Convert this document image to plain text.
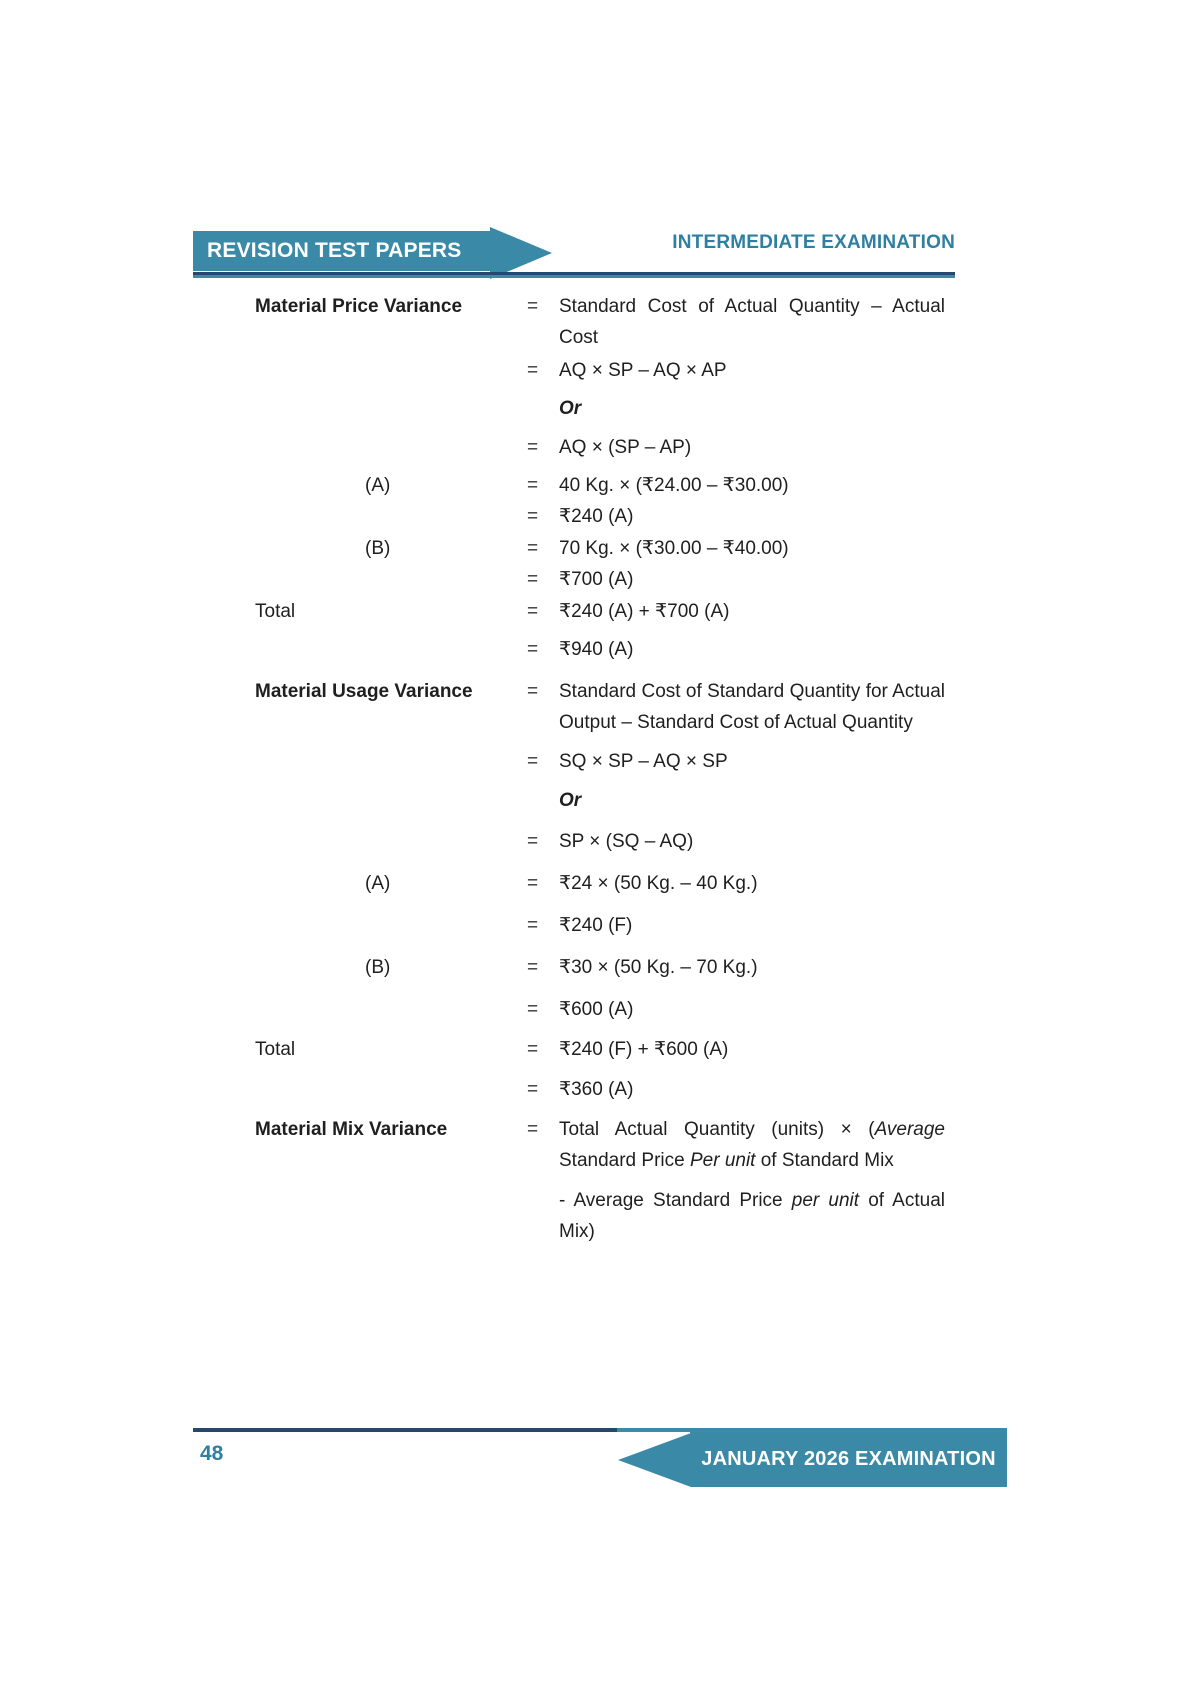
REVISION TEST PAPERS	INTERMEDIATE EXAMINATION
Material Price Variance	=	Standard Cost of Actual Quantity – Actual Cost
=	AQ × SP – AQ × AP
Or
=	AQ × (SP – AP)
(A)	=	40 Kg. × (₹24.00 – ₹30.00)
=	₹240 (A)
(B)	=	70 Kg. × (₹30.00 – ₹40.00)
=	₹700 (A)
Total	=	₹240 (A) + ₹700 (A)
=	₹940 (A)
Material Usage Variance	=	Standard Cost of Standard Quantity for Actual Output – Standard Cost of Actual Quantity
=	SQ × SP – AQ × SP
Or
=	SP × (SQ – AQ)
(A)	=	₹24 × (50 Kg. – 40 Kg.)
=	₹240 (F)
(B)	=	₹30 × (50 Kg. – 70 Kg.)
=	₹600 (A)
Total	=	₹240 (F) + ₹600 (A)
=	₹360 (A)
Material Mix Variance	=	Total Actual Quantity (units) × (Average Standard Price Per unit of Standard Mix
- Average Standard Price per unit of Actual Mix)
JANUARY 2026 EXAMINATION
48
